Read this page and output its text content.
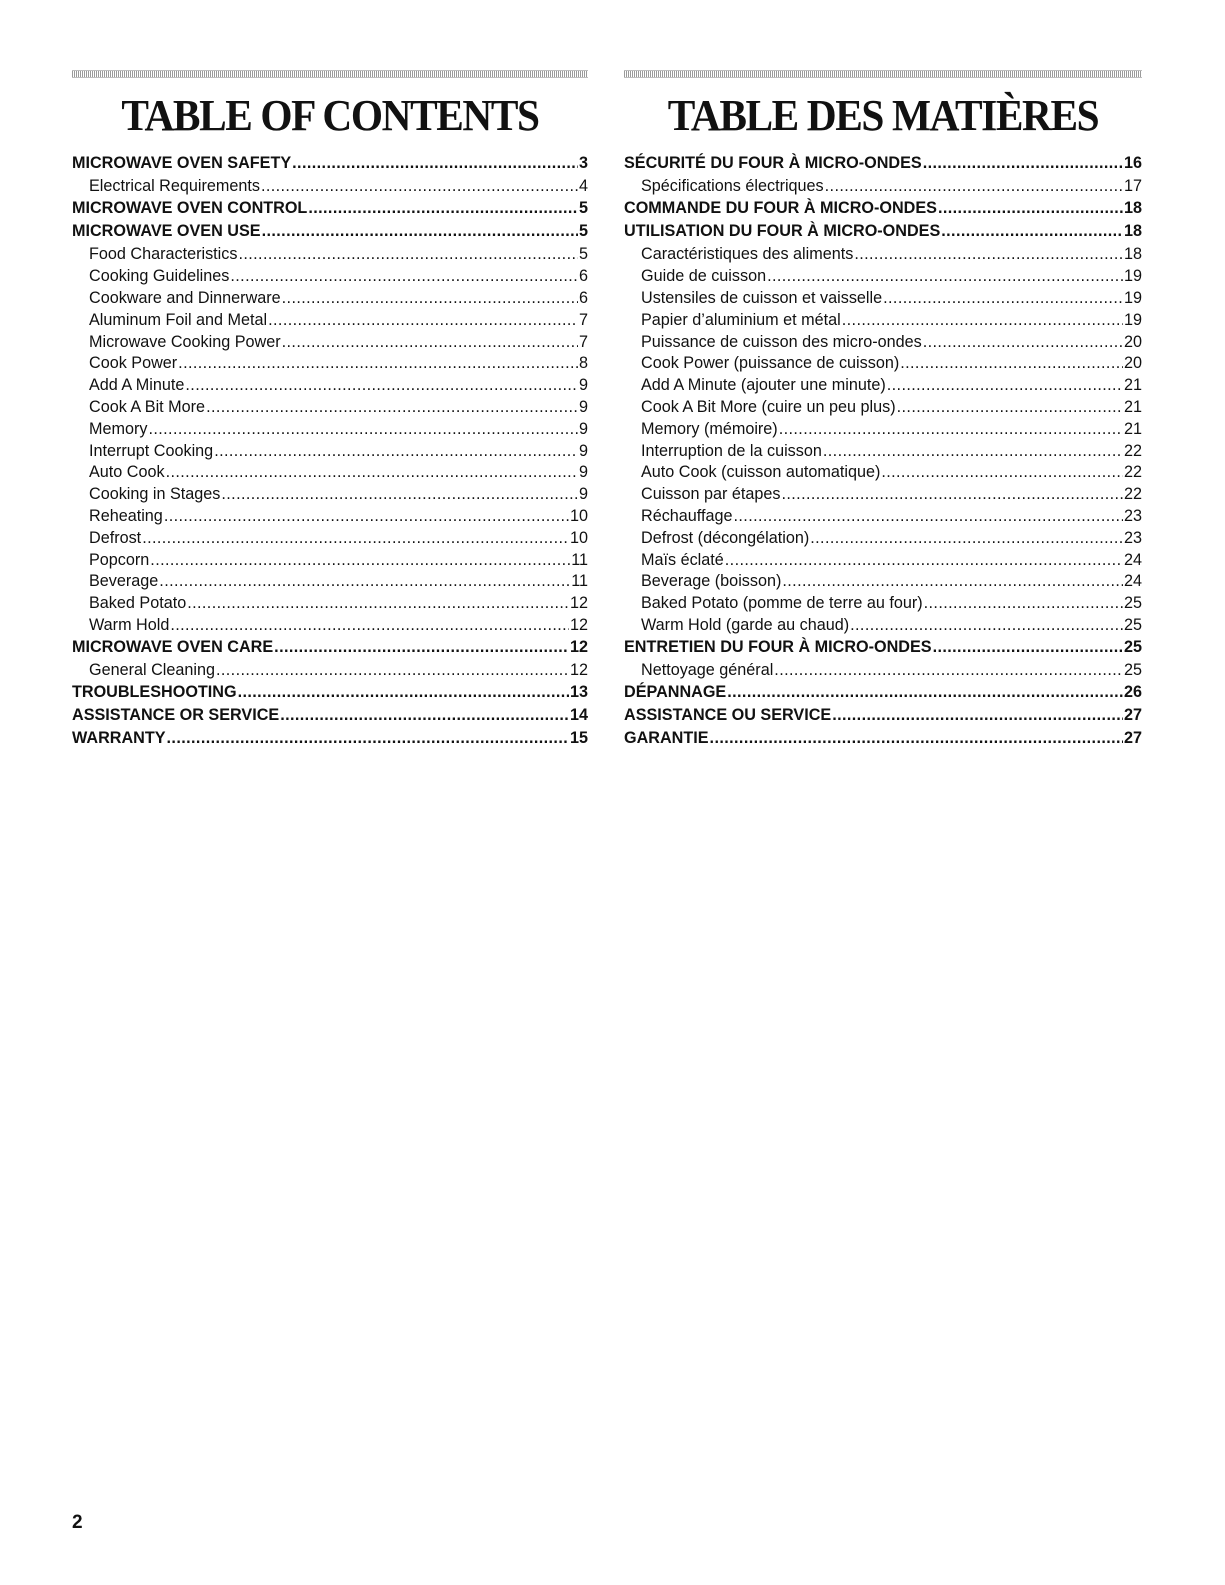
TABLE OF CONTENTS
MICROWAVE OVEN SAFETY .....	3
Electrical Requirements .....	4
MICROWAVE OVEN CONTROL .....	5
MICROWAVE OVEN USE .....	5
Food Characteristics .....	5
Cooking Guidelines .....	6
Cookware and Dinnerware .....	6
Aluminum Foil and Metal .....	7
Microwave Cooking Power .....	7
Cook Power .....	8
Add A Minute .....	9
Cook A Bit More .....	9
Memory .....	9
Interrupt Cooking .....	9
Auto Cook .....	9
Cooking in Stages .....	9
Reheating .....	10
Defrost .....	10
Popcorn .....	11
Beverage .....	11
Baked Potato .....	12
Warm Hold .....	12
MICROWAVE OVEN CARE .....	12
General Cleaning .....	12
TROUBLESHOOTING .....	13
ASSISTANCE OR SERVICE .....	14
WARRANTY .....	15
TABLE DES MATIÈRES
SÉCURITÉ DU FOUR À MICRO-ONDES .....	16
Spécifications électriques .....	17
COMMANDE DU FOUR À MICRO-ONDES .....	18
UTILISATION DU FOUR À MICRO-ONDES .....	18
Caractéristiques des aliments .....	18
Guide de cuisson .....	19
Ustensiles de cuisson et vaisselle .....	19
Papier d’aluminium et métal .....	19
Puissance de cuisson des micro-ondes .....	20
Cook Power (puissance de cuisson) .....	20
Add A Minute (ajouter une minute) .....	21
Cook A Bit More (cuire un peu plus) .....	21
Memory (mémoire) .....	21
Interruption de la cuisson .....	22
Auto Cook (cuisson automatique) .....	22
Cuisson par étapes .....	22
Réchauffage .....	23
Defrost (décongélation) .....	23
Maïs éclaté .....	24
Beverage (boisson) .....	24
Baked Potato (pomme de terre au four) .....	25
Warm Hold (garde au chaud) .....	25
ENTRETIEN DU FOUR À MICRO-ONDES .....	25
Nettoyage général .....	25
DÉPANNAGE .....	26
ASSISTANCE OU SERVICE .....	27
GARANTIE .....	27
2
